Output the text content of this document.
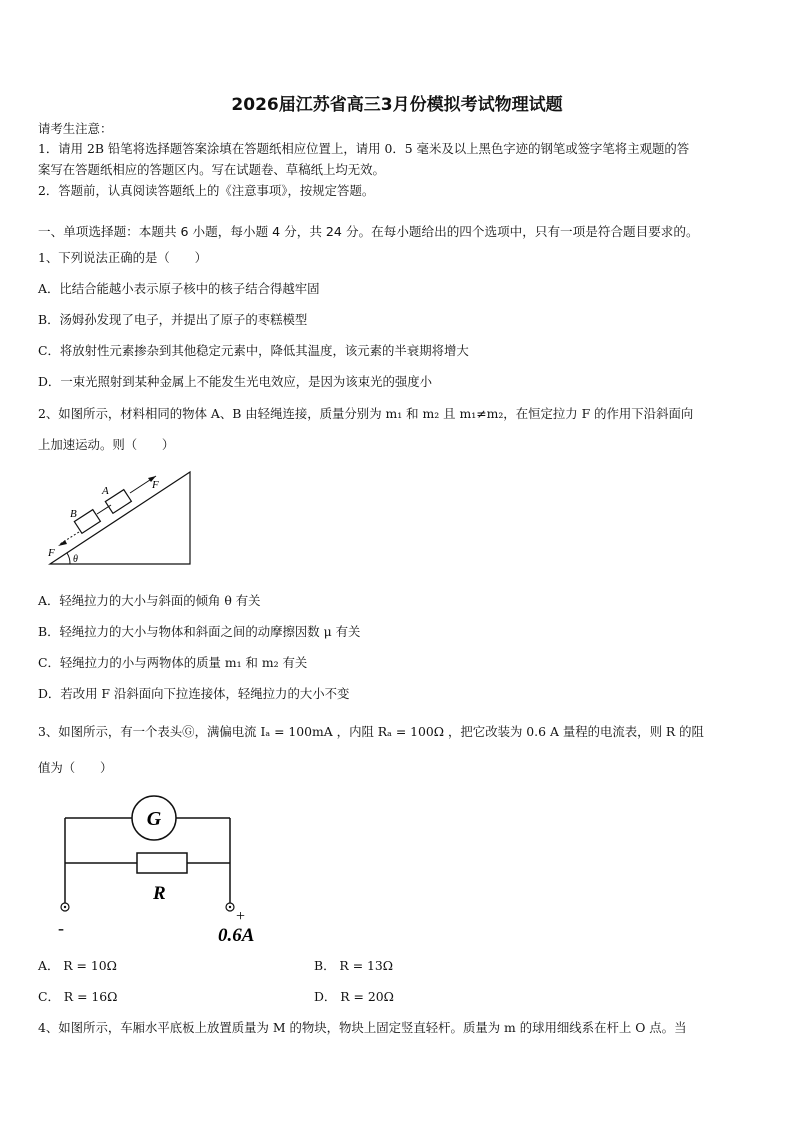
2026届江苏省高三3月份模拟考试物理试题
请考生注意：
1．请用 2B 铅笔将选择题答案涂填在答题纸相应位置上，请用 0．5 毫米及以上黑色字迹的钢笔或签字笔将主观题的答
案写在答题纸相应的答题区内。写在试题卷、草稿纸上均无效。
2．答题前，认真阅读答题纸上的《注意事项》，按规定答题。
一、单项选择题：本题共 6 小题，每小题 4 分，共 24 分。在每小题给出的四个选项中，只有一项是符合题目要求的。
1、下列说法正确的是（　　）
A．比结合能越小表示原子核中的核子结合得越牢固
B．汤姆孙发现了电子，并提出了原子的枣糕模型
C．将放射性元素掺杂到其他稳定元素中，降低其温度，该元素的半衰期将增大
D．一束光照射到某种金属上不能发生光电效应，是因为该束光的强度小
2、如图所示，材料相同的物体 A、B 由轻绳连接，质量分别为 m₁ 和 m₂ 且 m₁≠m₂，在恒定拉力 F 的作用下沿斜面向
上加速运动。则（　　）
A
B
F
F
θ
A．轻绳拉力的大小与斜面的倾角 θ 有关
B．轻绳拉力的大小与物体和斜面之间的动摩擦因数 μ 有关
C．轻绳拉力的小与两物体的质量 m₁ 和 m₂ 有关
D．若改用 F 沿斜面向下拉连接体，轻绳拉力的大小不变
3、如图所示，有一个表头Ⓖ，满偏电流 Iₐ = 100mA ，内阻 Rₐ = 100Ω ，把它改装为 0.6 A 量程的电流表，则 R 的阻
值为（　　）
G
R
-
+
0.6A
A． R = 10Ω	B． R = 13Ω
C． R = 16Ω	D． R = 20Ω
4、如图所示，车厢水平底板上放置质量为 M 的物块，物块上固定竖直轻杆。质量为 m 的球用细线系在杆上 O 点。当
